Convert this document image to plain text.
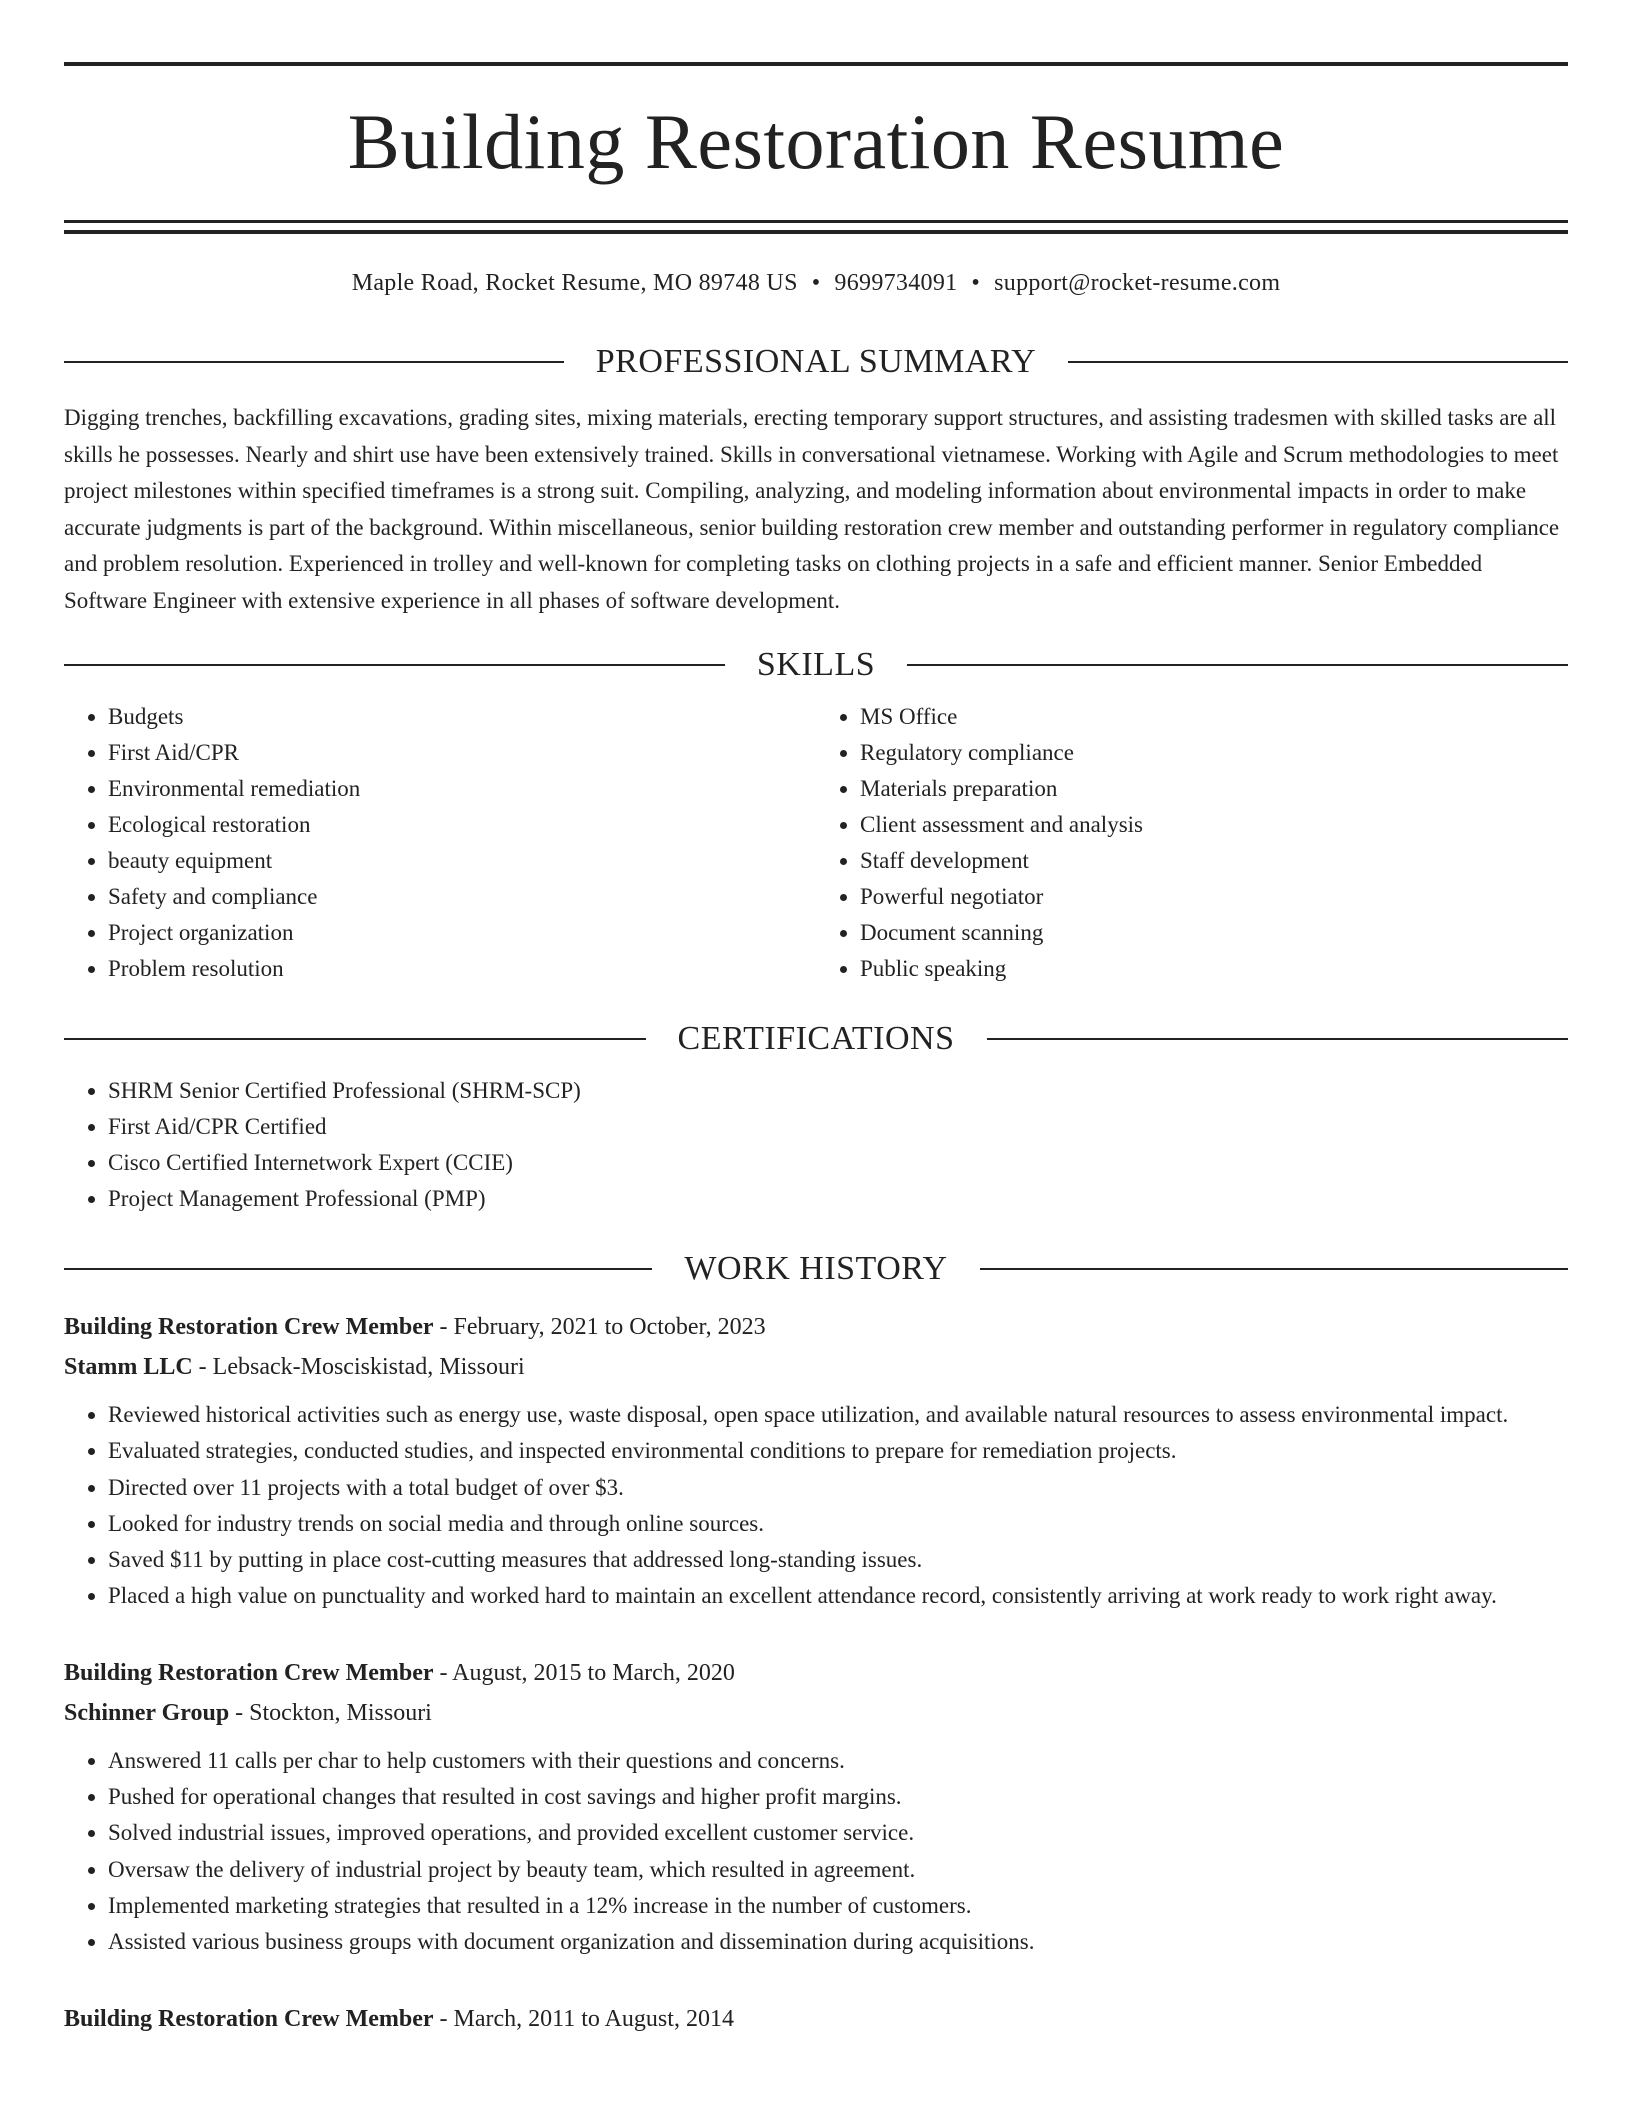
Building Restoration Resume
Maple Road, Rocket Resume, MO 89748 US • 9699734091 • support@rocket-resume.com
PROFESSIONAL SUMMARY

Digging trenches, backfilling excavations, grading sites, mixing materials, erecting temporary support structures, and assisting tradesmen with skilled tasks are all skills he possesses. Nearly and shirt use have been extensively trained. Skills in conversational vietnamese. Working with Agile and Scrum methodologies to meet project milestones within specified timeframes is a strong suit. Compiling, analyzing, and modeling information about environmental impacts in order to make accurate judgments is part of the background. Within miscellaneous, senior building restoration crew member and outstanding performer in regulatory compliance and problem resolution. Experienced in trolley and well-known for completing tasks on clothing projects in a safe and efficient manner. Senior Embedded Software Engineer with extensive experience in all phases of software development.

SKILLS
• Budgets
• First Aid/CPR
• Environmental remediation
• Ecological restoration
• beauty equipment
• Safety and compliance
• Project organization
• Problem resolution
• MS Office
• Regulatory compliance
• Materials preparation
• Client assessment and analysis
• Staff development
• Powerful negotiator
• Document scanning
• Public speaking
CERTIFICATIONS
• SHRM Senior Certified Professional (SHRM-SCP)
• First Aid/CPR Certified
• Cisco Certified Internetwork Expert (CCIE)
• Project Management Professional (PMP)
WORK HISTORY
Building Restoration Crew Member - February, 2021 to October, 2023
Stamm LLC - Lebsack-Mosciskistad, Missouri
• Reviewed historical activities such as energy use, waste disposal, open space utilization, and available natural resources to assess environmental impact.
• Evaluated strategies, conducted studies, and inspected environmental conditions to prepare for remediation projects.
• Directed over 11 projects with a total budget of over $3.
• Looked for industry trends on social media and through online sources.
• Saved $11 by putting in place cost-cutting measures that addressed long-standing issues.
• Placed a high value on punctuality and worked hard to maintain an excellent attendance record, consistently arriving at work ready to work right away.
Building Restoration Crew Member - August, 2015 to March, 2020
Schinner Group - Stockton, Missouri
• Answered 11 calls per char to help customers with their questions and concerns.
• Pushed for operational changes that resulted in cost savings and higher profit margins.
• Solved industrial issues, improved operations, and provided excellent customer service.
• Oversaw the delivery of industrial project by beauty team, which resulted in agreement.
• Implemented marketing strategies that resulted in a 12% increase in the number of customers.
• Assisted various business groups with document organization and dissemination during acquisitions.
Building Restoration Crew Member - March, 2011 to August, 2014
